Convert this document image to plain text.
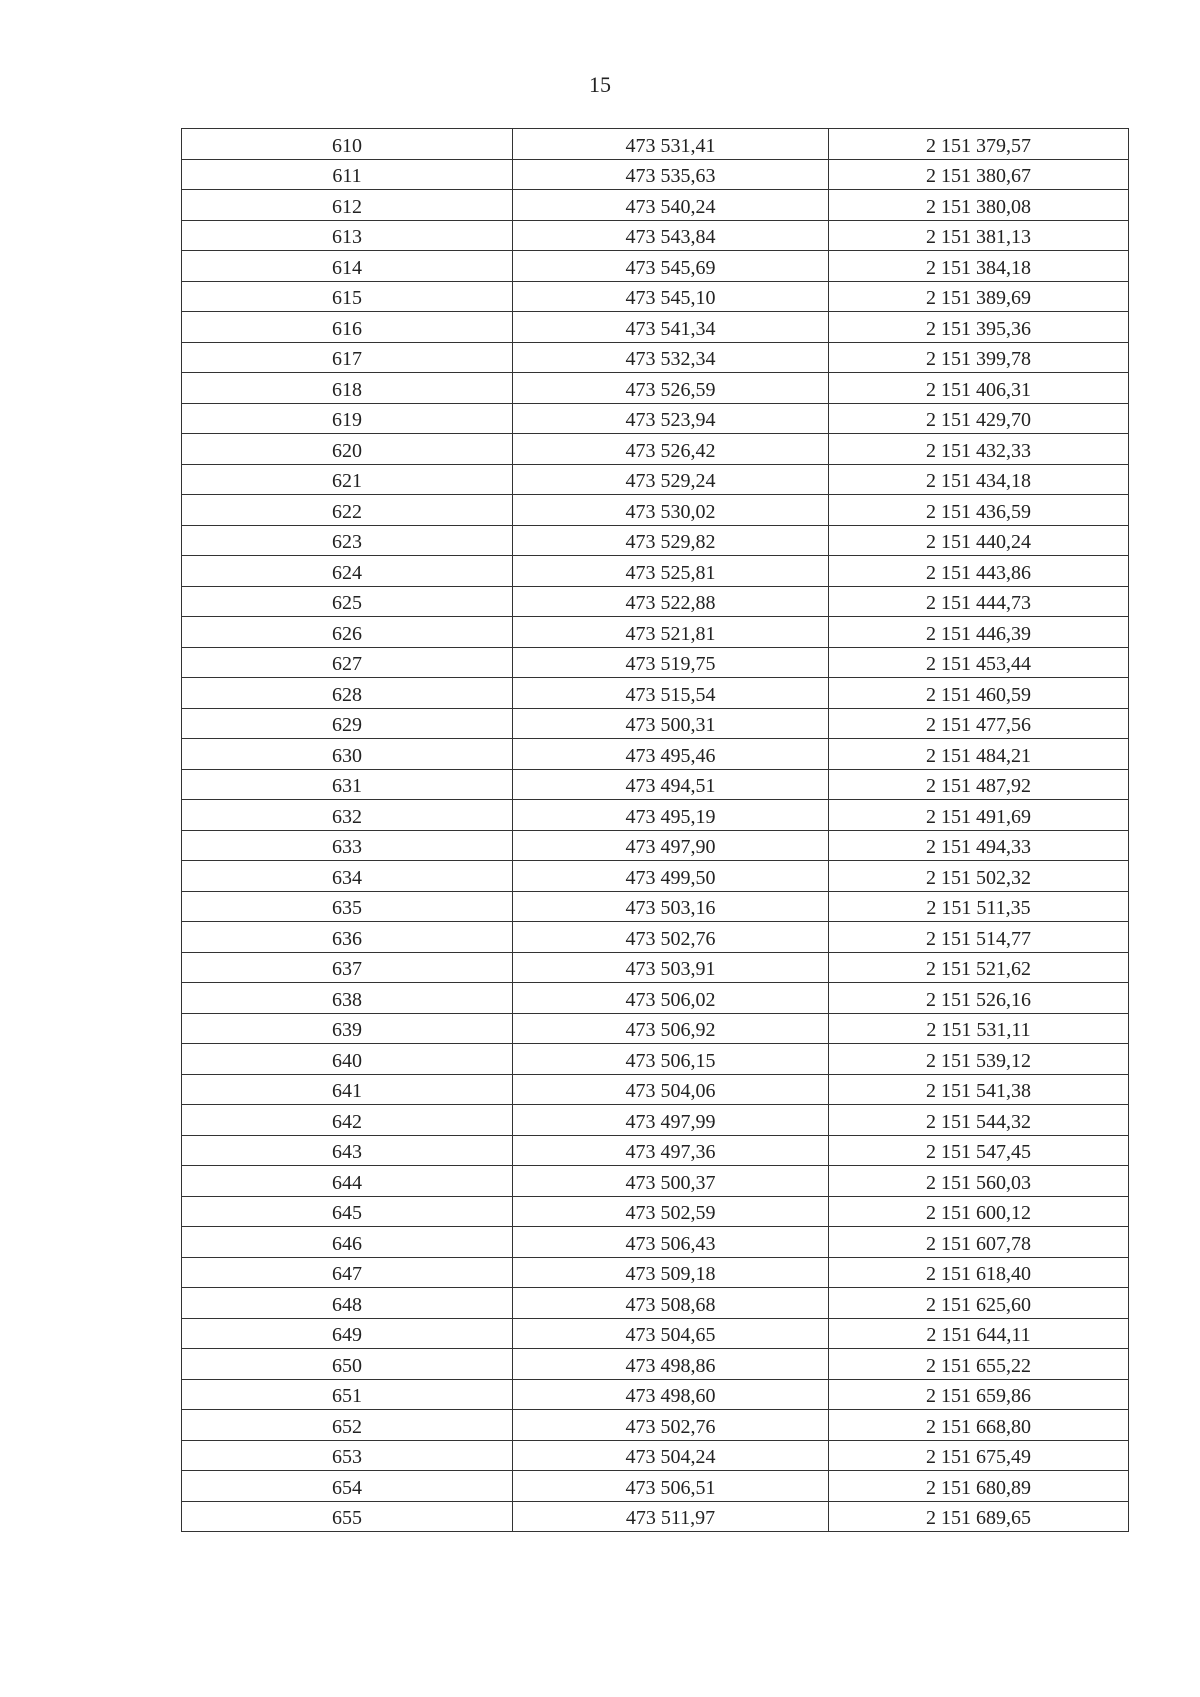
15
610	473 531,41	2 151 379,57
611	473 535,63	2 151 380,67
612	473 540,24	2 151 380,08
613	473 543,84	2 151 381,13
614	473 545,69	2 151 384,18
615	473 545,10	2 151 389,69
616	473 541,34	2 151 395,36
617	473 532,34	2 151 399,78
618	473 526,59	2 151 406,31
619	473 523,94	2 151 429,70
620	473 526,42	2 151 432,33
621	473 529,24	2 151 434,18
622	473 530,02	2 151 436,59
623	473 529,82	2 151 440,24
624	473 525,81	2 151 443,86
625	473 522,88	2 151 444,73
626	473 521,81	2 151 446,39
627	473 519,75	2 151 453,44
628	473 515,54	2 151 460,59
629	473 500,31	2 151 477,56
630	473 495,46	2 151 484,21
631	473 494,51	2 151 487,92
632	473 495,19	2 151 491,69
633	473 497,90	2 151 494,33
634	473 499,50	2 151 502,32
635	473 503,16	2 151 511,35
636	473 502,76	2 151 514,77
637	473 503,91	2 151 521,62
638	473 506,02	2 151 526,16
639	473 506,92	2 151 531,11
640	473 506,15	2 151 539,12
641	473 504,06	2 151 541,38
642	473 497,99	2 151 544,32
643	473 497,36	2 151 547,45
644	473 500,37	2 151 560,03
645	473 502,59	2 151 600,12
646	473 506,43	2 151 607,78
647	473 509,18	2 151 618,40
648	473 508,68	2 151 625,60
649	473 504,65	2 151 644,11
650	473 498,86	2 151 655,22
651	473 498,60	2 151 659,86
652	473 502,76	2 151 668,80
653	473 504,24	2 151 675,49
654	473 506,51	2 151 680,89
655	473 511,97	2 151 689,65
